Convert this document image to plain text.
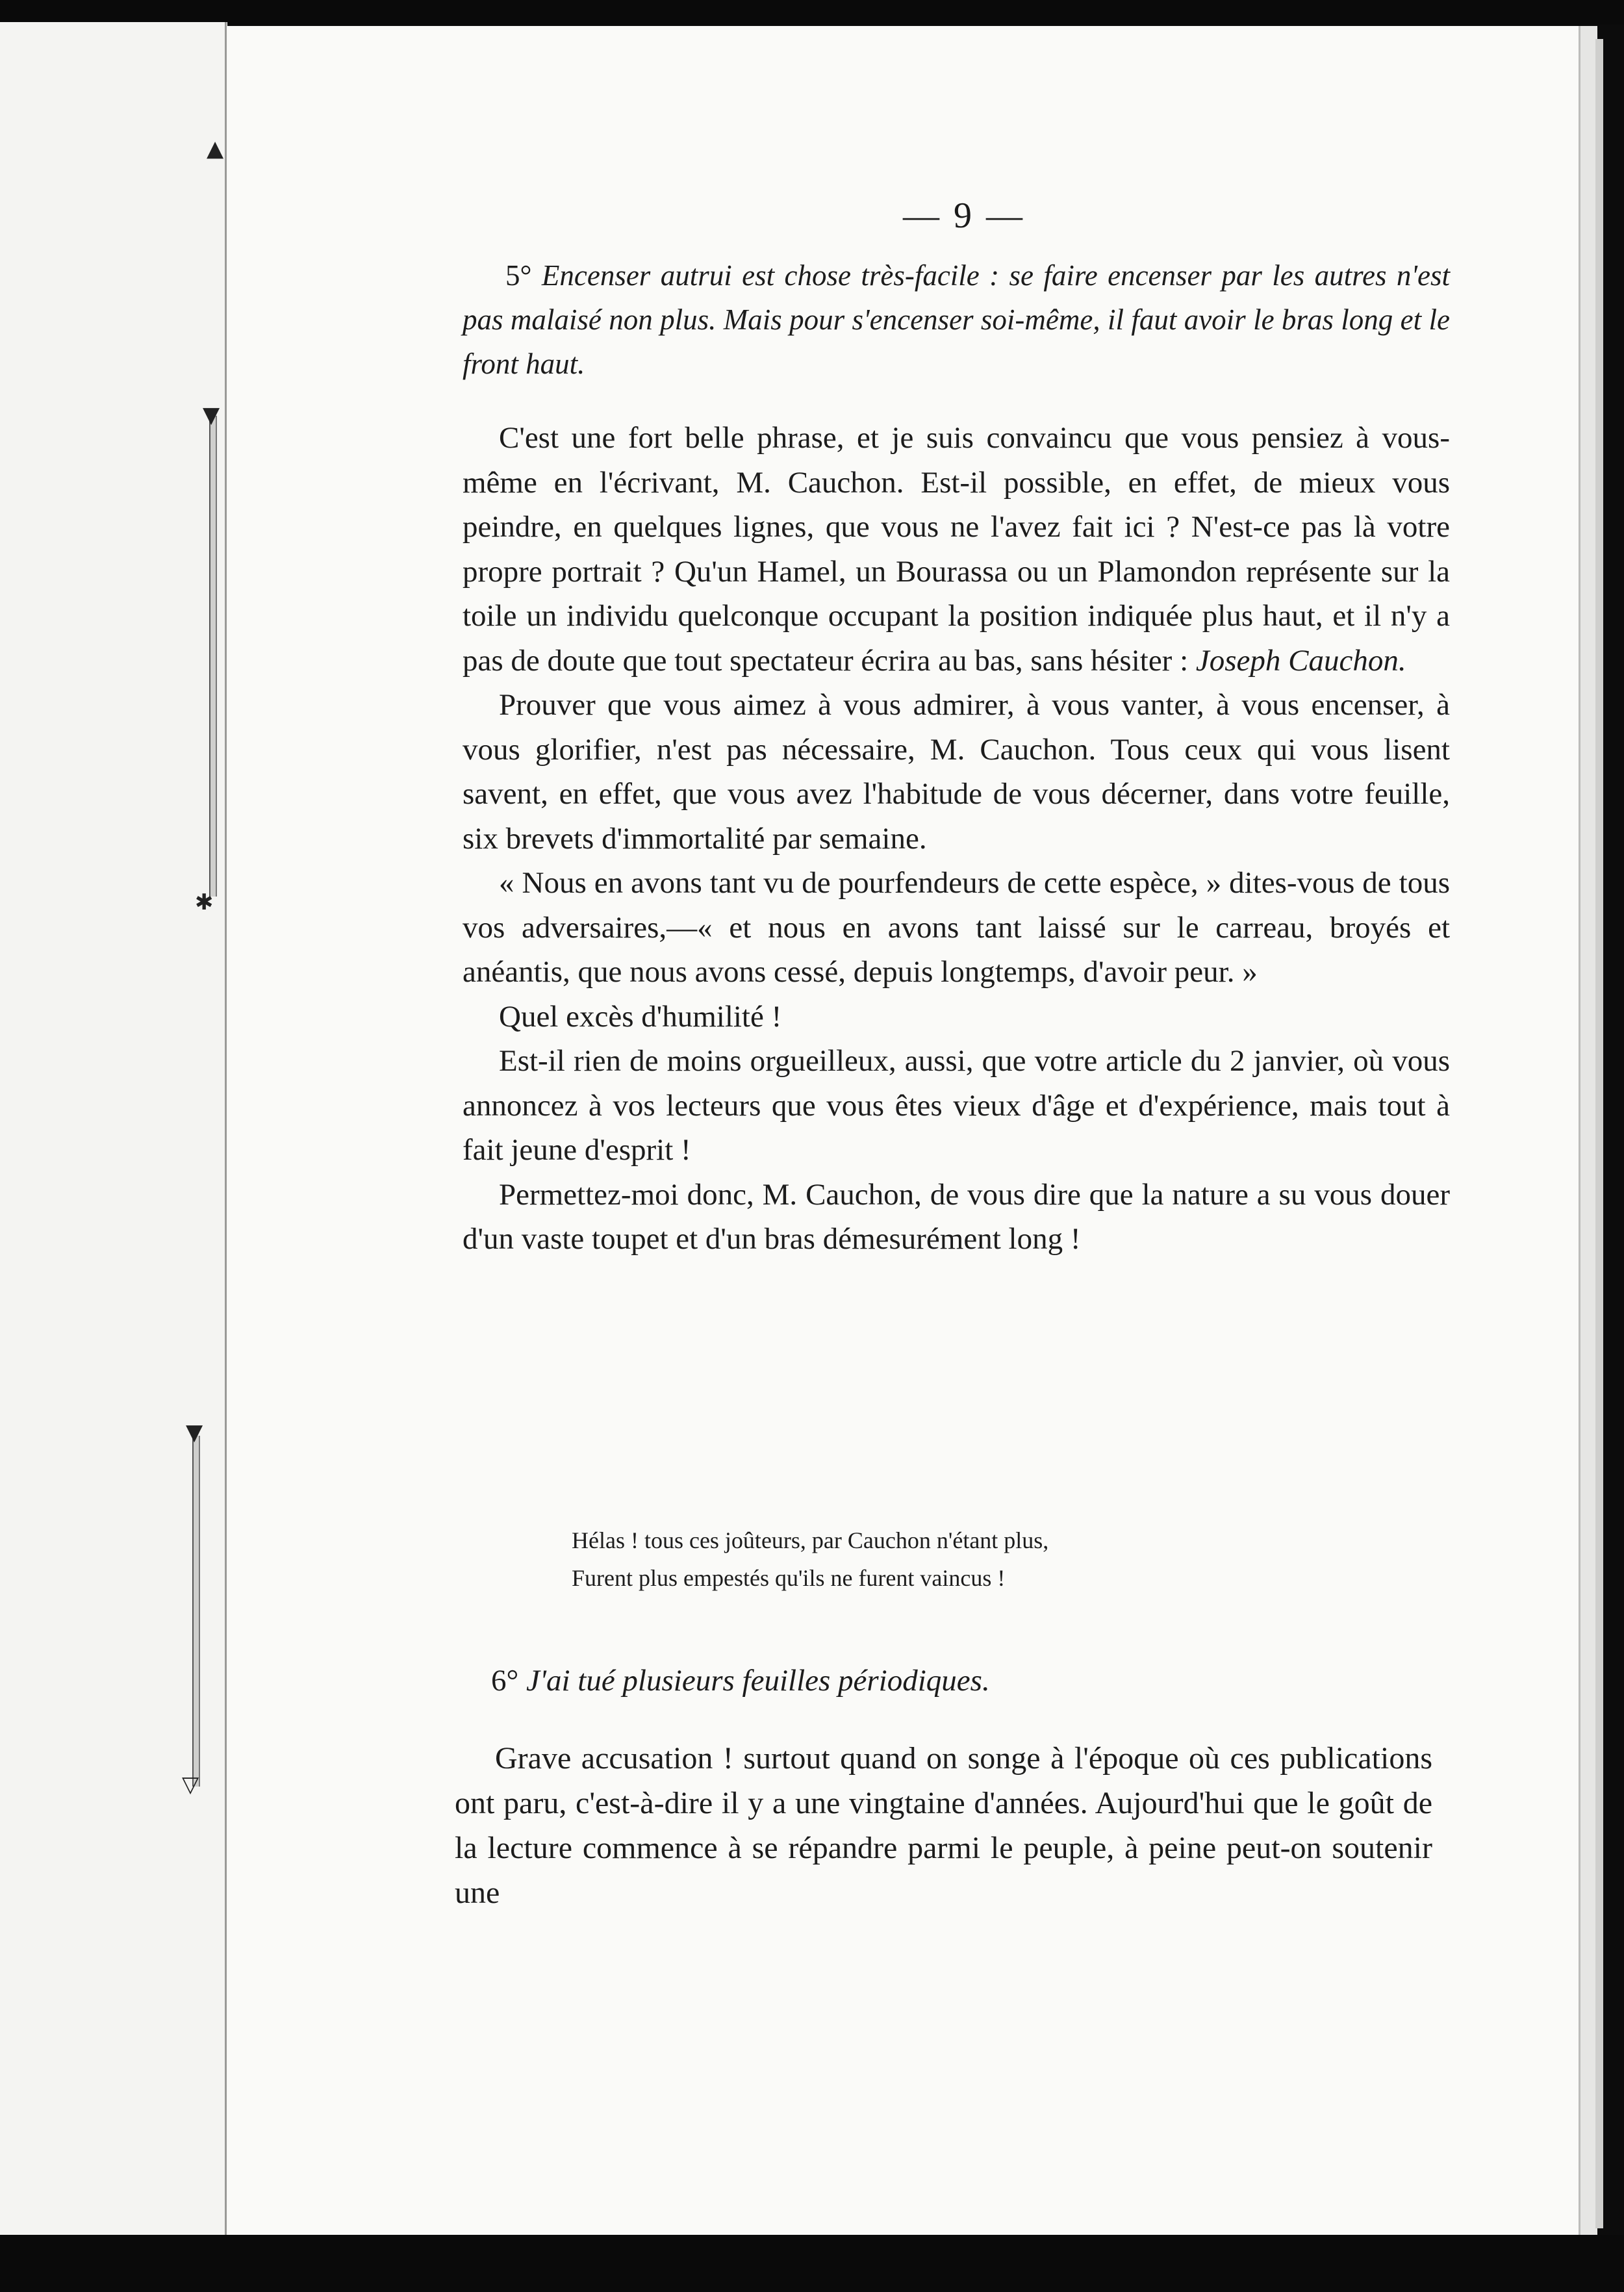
▲
▼
✱
▼
▽
— 9 —

5° Encenser autrui est chose très-facile : se faire encenser par les autres n'est pas malaisé non plus. Mais pour s'encenser soi-même, il faut avoir le bras long et le front haut.

C'est une fort belle phrase, et je suis convaincu que vous pensiez à vous-même en l'écrivant, M. Cauchon. Est-il possible, en effet, de mieux vous peindre, en quelques lignes, que vous ne l'avez fait ici ? N'est-ce pas là votre propre portrait ? Qu'un Hamel, un Bourassa ou un Plamondon représente sur la toile un individu quelconque occupant la position indiquée plus haut, et il n'y a pas de doute que tout spectateur écrira au bas, sans hésiter : Joseph Cauchon.

Prouver que vous aimez à vous admirer, à vous vanter, à vous encenser, à vous glorifier, n'est pas nécessaire, M. Cauchon. Tous ceux qui vous lisent savent, en effet, que vous avez l'habitude de vous décerner, dans votre feuille, six brevets d'immortalité par semaine.

« Nous en avons tant vu de pourfendeurs de cette espèce, » dites-vous de tous vos adversaires,—« et nous en avons tant laissé sur le carreau, broyés et anéantis, que nous avons cessé, depuis longtemps, d'avoir peur. »

Quel excès d'humilité !

Est-il rien de moins orgueilleux, aussi, que votre article du 2 janvier, où vous annoncez à vos lecteurs que vous êtes vieux d'âge et d'expérience, mais tout à fait jeune d'esprit !

Permettez-moi donc, M. Cauchon, de vous dire que la nature a su vous douer d'un vaste toupet et d'un bras démesurément long !

Hélas ! tous ces joûteurs, par Cauchon n'étant plus,
Furent plus empestés qu'ils ne furent vaincus !
6° J'ai tué plusieurs feuilles périodiques.

Grave accusation ! surtout quand on songe à l'époque où ces publications ont paru, c'est-à-dire il y a une vingtaine d'années. Aujourd'hui que le goût de la lecture commence à se répandre parmi le peuple, à peine peut-on soutenir une
